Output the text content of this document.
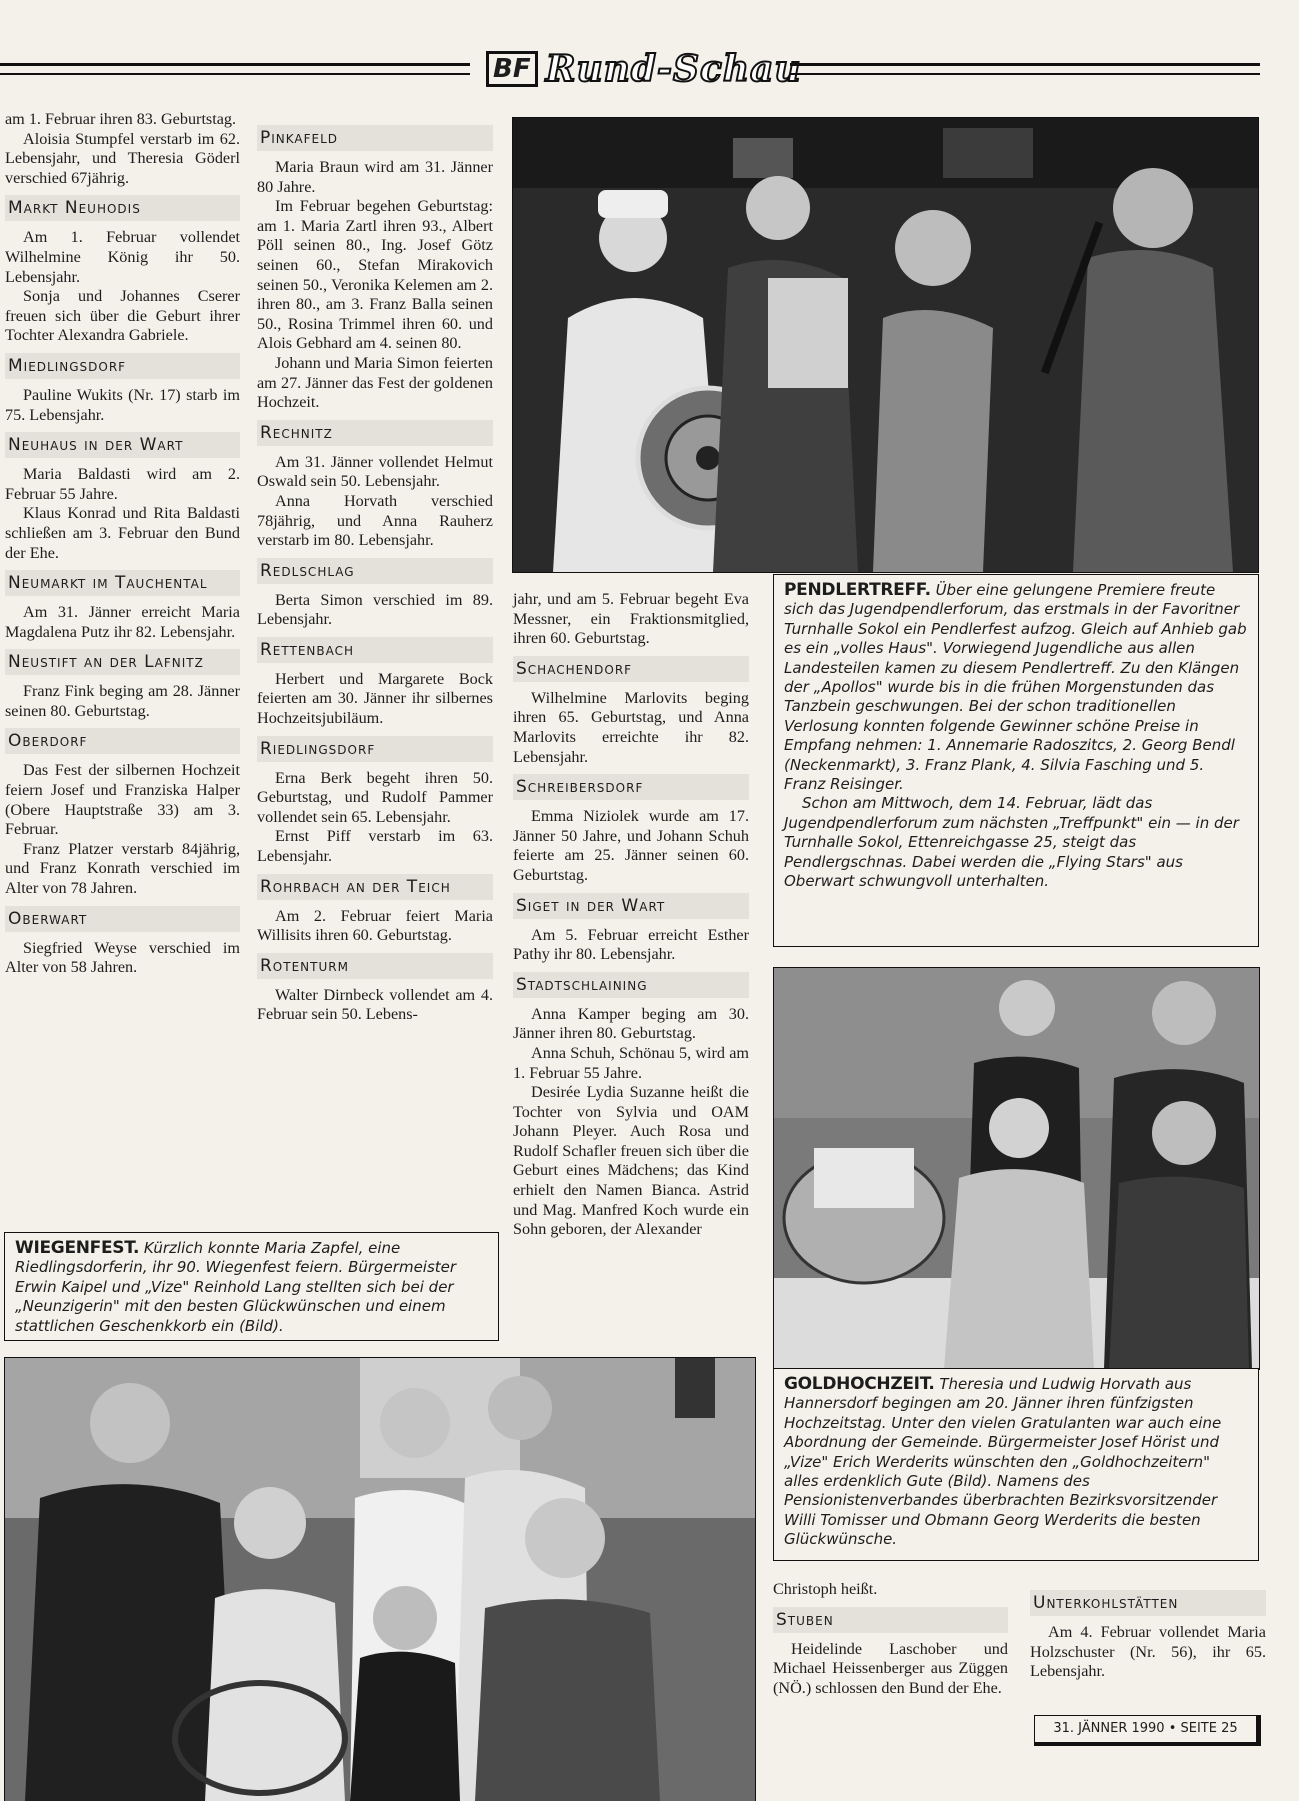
BF Rund-Schau

am 1. Februar ihren 83. Geburtstag.

Aloisia Stumpfel verstarb im 62. Lebensjahr, und Theresia Göderl verschied 67jährig.

Markt Neuhodis

Am 1. Februar vollendet Wilhelmine König ihr 50. Lebensjahr.

Sonja und Johannes Cserer freuen sich über die Geburt ihrer Tochter Alexandra Gabriele.

Miedlingsdorf

Pauline Wukits (Nr. 17) starb im 75. Lebensjahr.

Neuhaus in der Wart

Maria Baldasti wird am 2. Februar 55 Jahre.

Klaus Konrad und Rita Baldasti schließen am 3. Februar den Bund der Ehe.

Neumarkt im Tauchental

Am 31. Jänner erreicht Maria Magdalena Putz ihr 82. Lebensjahr.

Neustift an der Lafnitz

Franz Fink beging am 28. Jänner seinen 80. Geburtstag.

Oberdorf

Das Fest der silbernen Hochzeit feiern Josef und Franziska Halper (Obere Hauptstraße 33) am 3. Februar.

Franz Platzer verstarb 84jährig, und Franz Konrath verschied im Alter von 78 Jahren.

Oberwart

Siegfried Weyse verschied im Alter von 58 Jahren.

Pinkafeld

Maria Braun wird am 31. Jänner 80 Jahre.

Im Februar begehen Geburtstag: am 1. Maria Zartl ihren 93., Albert Pöll seinen 80., Ing. Josef Götz seinen 60., Stefan Mirakovich seinen 50., Veronika Kelemen am 2. ihren 80., am 3. Franz Balla seinen 50., Rosina Trimmel ihren 60. und Alois Gebhard am 4. seinen 80.

Johann und Maria Simon feierten am 27. Jänner das Fest der goldenen Hochzeit.

Rechnitz

Am 31. Jänner vollendet Helmut Oswald sein 50. Lebensjahr.

Anna Horvath verschied 78jährig, und Anna Rauherz verstarb im 80. Lebensjahr.

Redlschlag

Berta Simon verschied im 89. Lebensjahr.

Rettenbach

Herbert und Margarete Bock feierten am 30. Jänner ihr silbernes Hochzeitsjubiläum.

Riedlingsdorf

Erna Berk begeht ihren 50. Geburtstag, und Rudolf Pammer vollendet sein 65. Lebensjahr.

Ernst Piff verstarb im 63. Lebensjahr.

Rohrbach an der Teich

Am 2. Februar feiert Maria Willisits ihren 60. Geburtstag.

Rotenturm

Walter Dirnbeck vollendet am 4. Februar sein 50. Lebens-

jahr, und am 5. Februar begeht Eva Messner, ein Fraktionsmitglied, ihren 60. Geburtstag.

Schachendorf

Wilhelmine Marlovits beging ihren 65. Geburtstag, und Anna Marlovits erreichte ihr 82. Lebensjahr.

Schreibersdorf

Emma Niziolek wurde am 17. Jänner 50 Jahre, und Johann Schuh feierte am 25. Jänner seinen 60. Geburtstag.

Siget in der Wart

Am 5. Februar erreicht Esther Pathy ihr 80. Lebensjahr.

Stadtschlaining

Anna Kamper beging am 30. Jänner ihren 80. Geburtstag.

Anna Schuh, Schönau 5, wird am 1. Februar 55 Jahre.

Desirée Lydia Suzanne heißt die Tochter von Sylvia und OAM Johann Pleyer. Auch Rosa und Rudolf Schafler freuen sich über die Geburt eines Mädchens; das Kind erhielt den Namen Bianca. Astrid und Mag. Manfred Koch wurde ein Sohn geboren, der Alexander

Christoph heißt.

Stuben

Heidelinde Laschober und Michael Heissenberger aus Züggen (NÖ.) schlossen den Bund der Ehe.

Unterkohlstätten

Am 4. Februar vollendet Maria Holzschuster (Nr. 56), ihr 65. Lebensjahr.

PENDLERTREFF. Über eine gelungene Premiere freute sich das Jugendpendlerforum, das erstmals in der Favoritner Turnhalle Sokol ein Pendlerfest aufzog. Gleich auf Anhieb gab es ein „volles Haus". Vorwiegend Jugendliche aus allen Landesteilen kamen zu diesem Pendlertreff. Zu den Klängen der „Apollos" wurde bis in die frühen Morgenstunden das Tanzbein geschwungen. Bei der schon traditionellen Verlosung konnten folgende Gewinner schöne Preise in Empfang nehmen: 1. Annemarie Radoszitcs, 2. Georg Bendl (Neckenmarkt), 3. Franz Plank, 4. Silvia Fasching und 5. Franz Reisinger.

Schon am Mittwoch, dem 14. Februar, lädt das Jugendpendlerforum zum nächsten „Treffpunkt" ein — in der Turnhalle Sokol, Ettenreichgasse 25, steigt das Pendlergschnas. Dabei werden die „Flying Stars" aus Oberwart schwungvoll unterhalten.

GOLDHOCHZEIT. Theresia und Ludwig Horvath aus Hannersdorf begingen am 20. Jänner ihren fünfzigsten Hochzeitstag. Unter den vielen Gratulanten war auch eine Abordnung der Gemeinde. Bürgermeister Josef Hörist und „Vize" Erich Werderits wünschten den „Goldhochzeitern" alles erdenklich Gute (Bild). Namens des Pensionistenverbandes überbrachten Bezirksvorsitzender Willi Tomisser und Obmann Georg Werderits die besten Glückwünsche.

WIEGENFEST. Kürzlich konnte Maria Zapfel, eine Riedlingsdorferin, ihr 90. Wiegenfest feiern. Bürgermeister Erwin Kaipel und „Vize" Reinhold Lang stellten sich bei der „Neunzigerin" mit den besten Glückwünschen und einem stattlichen Geschenkkorb ein (Bild).

31. JÄNNER 1990 • SEITE 25
